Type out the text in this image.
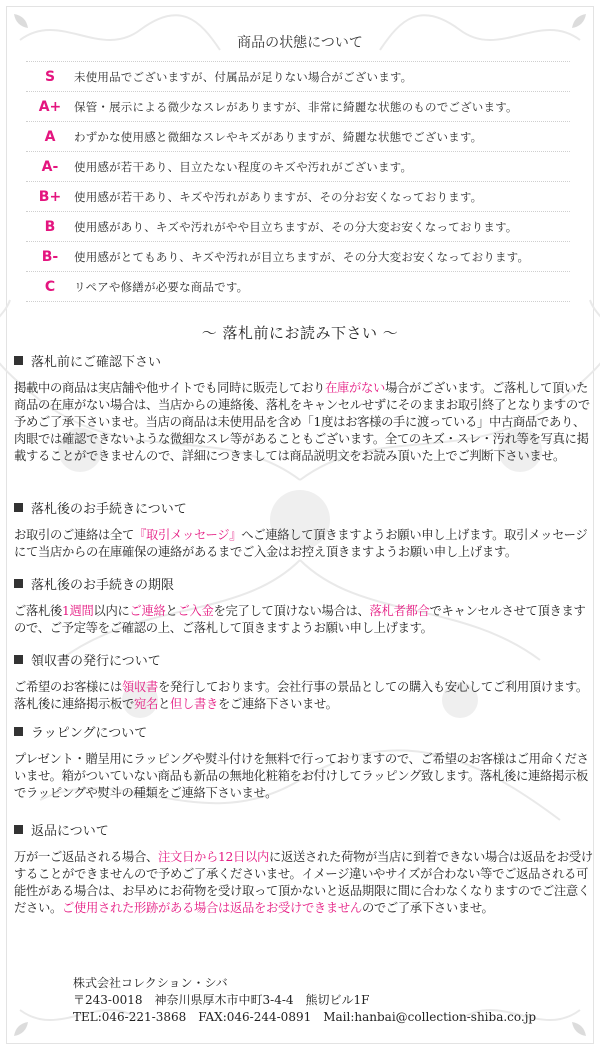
商品の状態について
S	未使用品でございますが、付属品が足りない場合がございます。
A+	保管・展示による微少なスレがありますが、非常に綺麗な状態のものでございます。
A	わずかな使用感と微細なスレやキズがありますが、綺麗な状態でございます。
A-	使用感が若干あり、目立たない程度のキズや汚れがございます。
B+	使用感が若干あり、キズや汚れがありますが、その分お安くなっております。
B	使用感があり、キズや汚れがやや目立ちますが、その分大変お安くなっております。
B-	使用感がとてもあり、キズや汚れが目立ちますが、その分大変お安くなっております。
C	リペアや修繕が必要な商品です。
～ 落札前にお読み下さい ～
落札前にご確認下さい
掲載中の商品は実店舗や他サイトでも同時に販売しており在庫がない場合がございます。ご落札して頂いた商品の在庫がない場合は、当店からの連絡後、落札をキャンセルせずにそのままお取引終了となりますので予めご了承下さいませ。当店の商品は未使用品を含め「1度はお客様の手に渡っている」中古商品であり、肉眼では確認できないような微細なスレ等があることもございます。全てのキズ・スレ・汚れ等を写真に掲載することができませんので、詳細につきましては商品説明文をお読み頂いた上でご判断下さいませ。
落札後のお手続きについて
お取引のご連絡は全て『取引メッセージ』へご連絡して頂きますようお願い申し上げます。取引メッセージにて当店からの在庫確保の連絡があるまでご入金はお控え頂きますようお願い申し上げます。
落札後のお手続きの期限
ご落札後1週間以内にご連絡とご入金を完了して頂けない場合は、落札者都合でキャンセルさせて頂きますので、ご予定等をご確認の上、ご落札して頂きますようお願い申し上げます。
領収書の発行について
ご希望のお客様には領収書を発行しております。会社行事の景品としての購入も安心してご利用頂けます。落札後に連絡掲示板で宛名と但し書きをご連絡下さいませ。
ラッピングについて
プレゼント・贈呈用にラッピングや熨斗付けを無料で行っておりますので、ご希望のお客様はご用命くださいませ。箱がついていない商品も新品の無地化粧箱をお付けしてラッピング致します。落札後に連絡掲示板でラッピングや熨斗の種類をご連絡下さいませ。
返品について
万が一ご返品される場合、注文日から12日以内に返送された荷物が当店に到着できない場合は返品をお受けすることができませんので予めご了承くださいませ。イメージ違いやサイズが合わない等でご返品される可能性がある場合は、お早めにお荷物を受け取って頂かないと返品期限に間に合わなくなりますのでご注意ください。ご使用された形跡がある場合は返品をお受けできませんのでご了承下さいませ。
株式会社コレクション・シバ
〒243-0018　神奈川県厚木市中町3-4-4　熊切ビル1F
TEL:046-221-3868　FAX:046-244-0891　Mail:hanbai@collection-shiba.co.jp
